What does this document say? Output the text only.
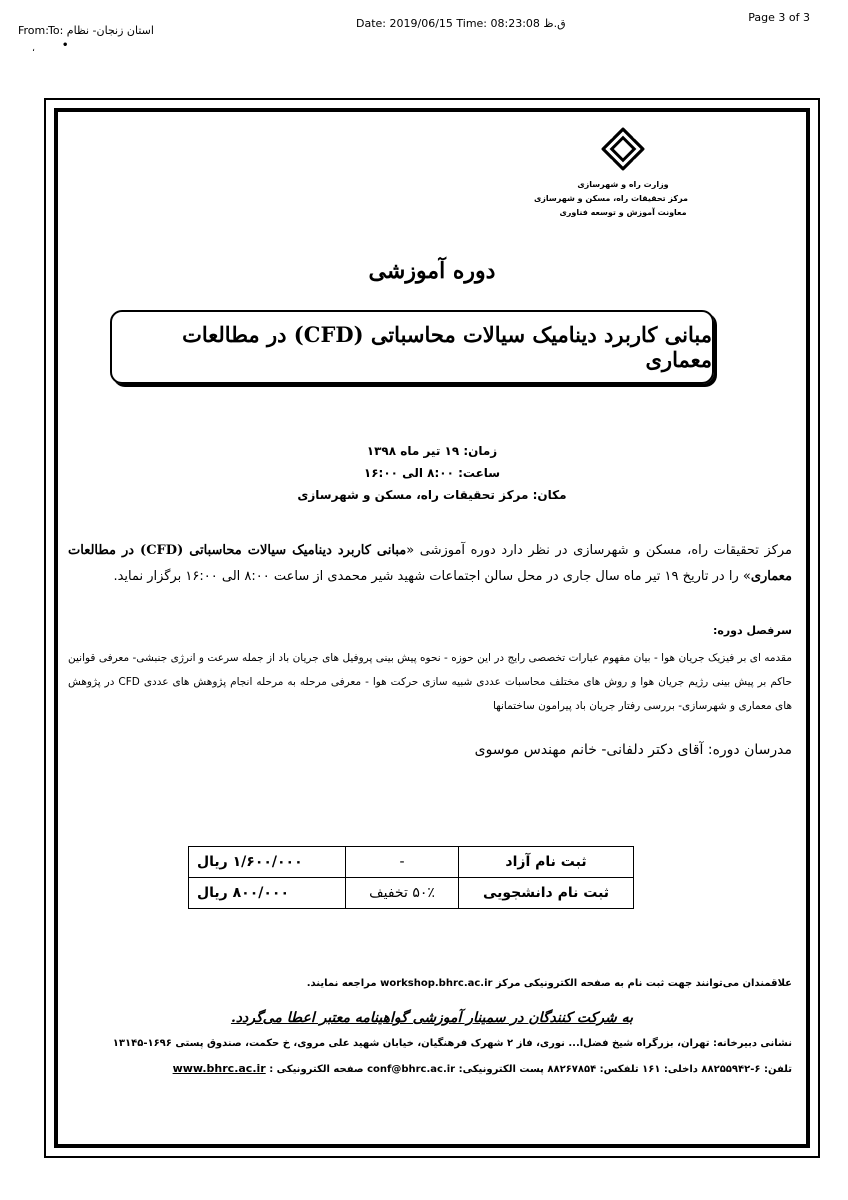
From: To: استان زنجان- نظام
Date: 2019/06/15 Time: 08:23:08 ق.ظ	Page 3 of 3
،	•
وزارت راه و شهرسازی
مرکز تحقیقات راه، مسکن و شهرسازی
معاونت آموزش و توسعه فناوری
دوره آموزشی
مبانی کاربرد دینامیک سیالات محاسباتی (CFD) در مطالعات معماری
زمان: ۱۹ تیر ماه ۱۳۹۸
ساعت: ۸:۰۰ الی ۱۶:۰۰
مکان: مرکز تحقیقات راه، مسکن و شهرسازی
مرکز تحقیقات راه، مسکن و شهرسازی در نظر دارد دوره آموزشی «مبانی کاربرد دینامیک سیالات محاسباتی (CFD) در مطالعات معماری» را در تاریخ ۱۹ تیر ماه سال جاری در محل سالن اجتماعات شهید شیر محمدی از ساعت ۸:۰۰ الی ۱۶:۰۰ برگزار نماید.
سرفصل دوره:
مقدمه ای بر فیزیک جریان هوا - بیان مفهوم عبارات تخصصی رایج در این حوزه - نحوه پیش بینی پروفیل های جریان باد از جمله سرعت و انرژی جنبشی- معرفی قوانین حاکم بر پیش بینی رژیم جریان هوا و روش های مختلف محاسبات عددی شبیه سازی حرکت هوا - معرفی مرحله به مرحله انجام پژوهش های عددی CFD در پژوهش های معماری و شهرسازی- بررسی رفتار جریان باد پیرامون ساختمانها
مدرسان دوره: آقای دکتر دلفانی- خانم مهندس موسوی
ثبت نام آزاد	-	۱/۶۰۰/۰۰۰ ریال
ثبت نام دانشجویی	۵۰٪ تخفیف	۸۰۰/۰۰۰ ریال
علاقمندان می‌توانند جهت ثبت نام به صفحه الکترونیکی مرکز workshop.bhrc.ac.ir مراجعه نمایند.
به شرکت کنندگان در سمینار آموزشی گواهینامه معتبر اعطا می‌گردد.
نشانی دبیرخانه: تهران، بزرگراه شیخ فضل‌ا... نوری، فاز ۲ شهرک فرهنگیان، خیابان شهید علی مروی، خ حکمت، صندوق پستی ۱۶۹۶-۱۳۱۴۵
تلفن: ۶-۸۸۲۵۵۹۴۲ داخلی: ۱۶۱ تلفکس: ۸۸۲۶۷۸۵۴ پست الکترونیکی: conf@bhrc.ac.ir صفحه الکترونیکی : www.bhrc.ac.ir
